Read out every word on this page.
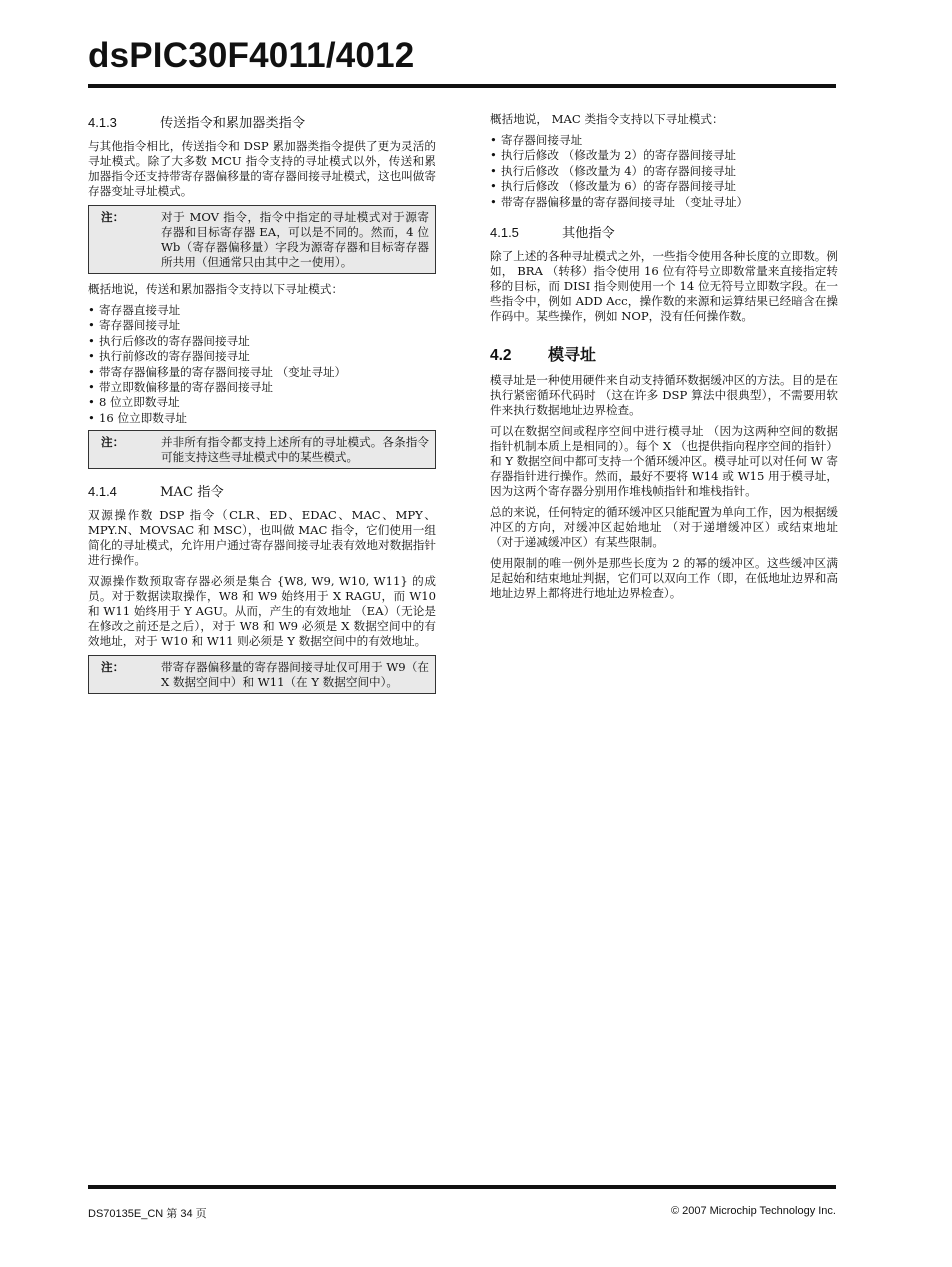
dsPIC30F4011/4012
4.1.3	传送指令和累加器类指令

与其他指令相比，传送指令和 DSP 累加器类指令提供了更为灵活的寻址模式。除了大多数 MCU 指令支持的寻址模式以外，传送和累加器指令还支持带寄存器偏移量的寄存器间接寻址模式，这也叫做寄存器变址寻址模式。

注：	对于 MOV 指令，指令中指定的寻址模式对于源寄存器和目标寄存器 EA，可以是不同的。然而，4 位 Wb（寄存器偏移量）字段为源寄存器和目标寄存器所共用（但通常只由其中之一使用）。

概括地说，传送和累加器指令支持以下寻址模式：

• 寄存器直接寻址
• 寄存器间接寻址
• 执行后修改的寄存器间接寻址
• 执行前修改的寄存器间接寻址
• 带寄存器偏移量的寄存器间接寻址 （变址寻址）
• 带立即数偏移量的寄存器间接寻址
• 8 位立即数寻址
• 16 位立即数寻址
注：	并非所有指令都支持上述所有的寻址模式。各条指令可能支持这些寻址模式中的某些模式。
4.1.4	MAC 指令

双源操作数 DSP 指令（CLR、ED、EDAC、MAC、MPY、MPY.N、MOVSAC 和 MSC），也叫做 MAC 指令，它们使用一组简化的寻址模式，允许用户通过寄存器间接寻址表有效地对数据指针进行操作。

双源操作数预取寄存器必须是集合 {W8, W9, W10, W11} 的成员。对于数据读取操作，W8 和 W9 始终用于 X RAGU，而 W10 和 W11 始终用于 Y AGU。从而，产生的有效地址 （EA）（无论是在修改之前还是之后），对于 W8 和 W9 必须是 X 数据空间中的有效地址，对于 W10 和 W11 则必须是 Y 数据空间中的有效地址。

注：	带寄存器偏移量的寄存器间接寻址仅可用于 W9（在 X 数据空间中）和 W11（在 Y 数据空间中）。

概括地说， MAC 类指令支持以下寻址模式：

• 寄存器间接寻址
• 执行后修改 （修改量为 2）的寄存器间接寻址
• 执行后修改 （修改量为 4）的寄存器间接寻址
• 执行后修改 （修改量为 6）的寄存器间接寻址
• 带寄存器偏移量的寄存器间接寻址 （变址寻址）
4.1.5	其他指令

除了上述的各种寻址模式之外，一些指令使用各种长度的立即数。例如， BRA （转移）指令使用 16 位有符号立即数常量来直接指定转移的目标，而 DISI 指令则使用一个 14 位无符号立即数字段。在一些指令中，例如 ADD Acc，操作数的来源和运算结果已经暗含在操作码中。某些操作，例如 NOP，没有任何操作数。

4.2	模寻址

模寻址是一种使用硬件来自动支持循环数据缓冲区的方法。目的是在执行紧密循环代码时 （这在许多 DSP 算法中很典型），不需要用软件来执行数据地址边界检查。

可以在数据空间或程序空间中进行模寻址 （因为这两种空间的数据指针机制本质上是相同的）。每个 X （也提供指向程序空间的指针）和 Y 数据空间中都可支持一个循环缓冲区。模寻址可以对任何 W 寄存器指针进行操作。然而，最好不要将 W14 或 W15 用于模寻址，因为这两个寄存器分别用作堆栈帧指针和堆栈指针。

总的来说，任何特定的循环缓冲区只能配置为单向工作，因为根据缓冲区的方向，对缓冲区起始地址 （对于递增缓冲区）或结束地址 （对于递减缓冲区）有某些限制。

使用限制的唯一例外是那些长度为 2 的幂的缓冲区。这些缓冲区满足起始和结束地址判据，它们可以双向工作（即，在低地址边界和高地址边界上都将进行地址边界检查）。

DS70135E_CN 第 34 页	© 2007 Microchip Technology Inc.
